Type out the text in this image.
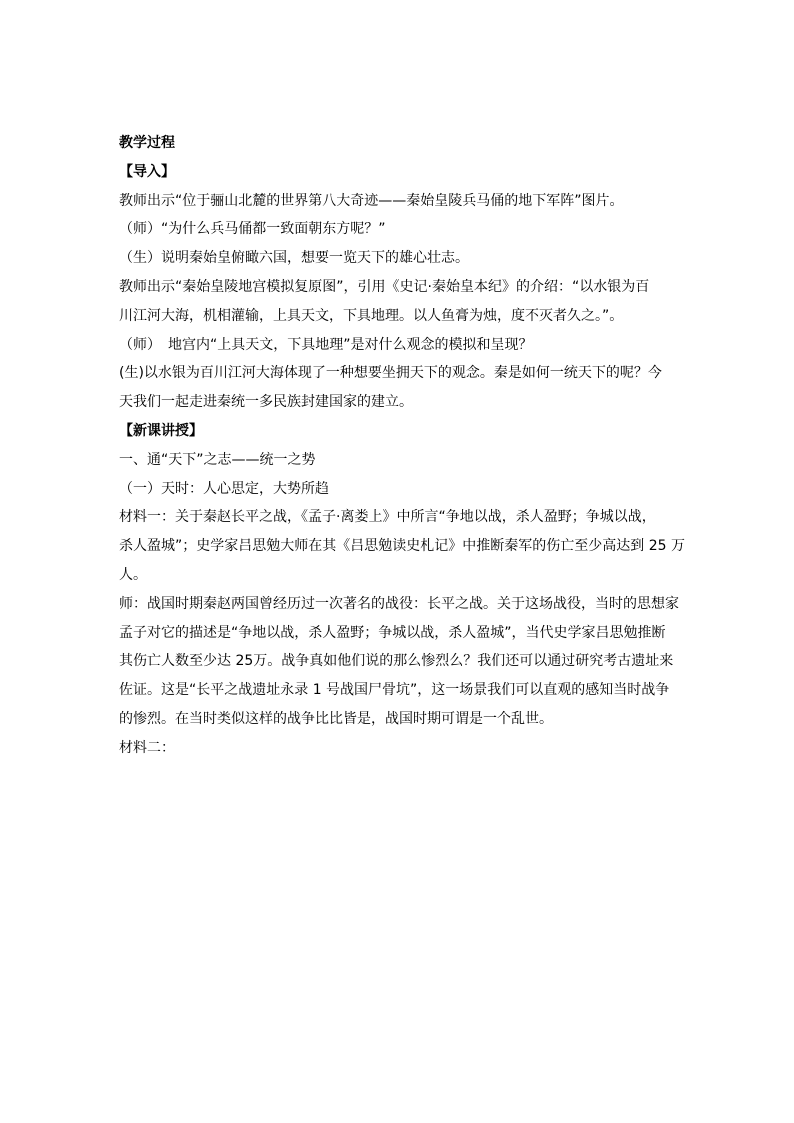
教学过程

【导入】

教师出示“位于骊山北麓的世界第八大奇迹——秦始皇陵兵马俑的地下军阵”图片。

（师）“为什么兵马俑都一致面朝东方呢？”

（生）说明秦始皇俯瞰六国，想要一览天下的雄心壮志。

教师出示“秦始皇陵地宫模拟复原图”，引用《史记·秦始皇本纪》的介绍：“以水银为百

川江河大海，机相灌输，上具天文，下具地理。以人鱼膏为烛，度不灭者久之。”。

（师）　地宫内“上具天文，下具地理”是对什么观念的模拟和呈现？

(生)以水银为百川江河大海体现了一种想要坐拥天下的观念。秦是如何一统天下的呢？今

天我们一起走进秦统一多民族封建国家的建立。

【新课讲授】

一、通“天下”之志——统一之势

（一）天时：人心思定，大势所趋

材料一：关于秦赵长平之战，《孟子·离娄上》中所言“争地以战，杀人盈野；争城以战，

杀人盈城”；史学家吕思勉大师在其《吕思勉读史札记》中推断秦军的伤亡至少高达到 25 万

人。

师：战国时期秦赵两国曾经历过一次著名的战役：长平之战。关于这场战役，当时的思想家

孟子对它的描述是“争地以战，杀人盈野；争城以战，杀人盈城”，当代史学家吕思勉推断

其伤亡人数至少达 25万。战争真如他们说的那么惨烈么？我们还可以通过研究考古遗址来

佐证。这是“长平之战遗址永录 1 号战国尸骨坑”，这一场景我们可以直观的感知当时战争

的惨烈。在当时类似这样的战争比比皆是，战国时期可谓是一个乱世。

材料二：
